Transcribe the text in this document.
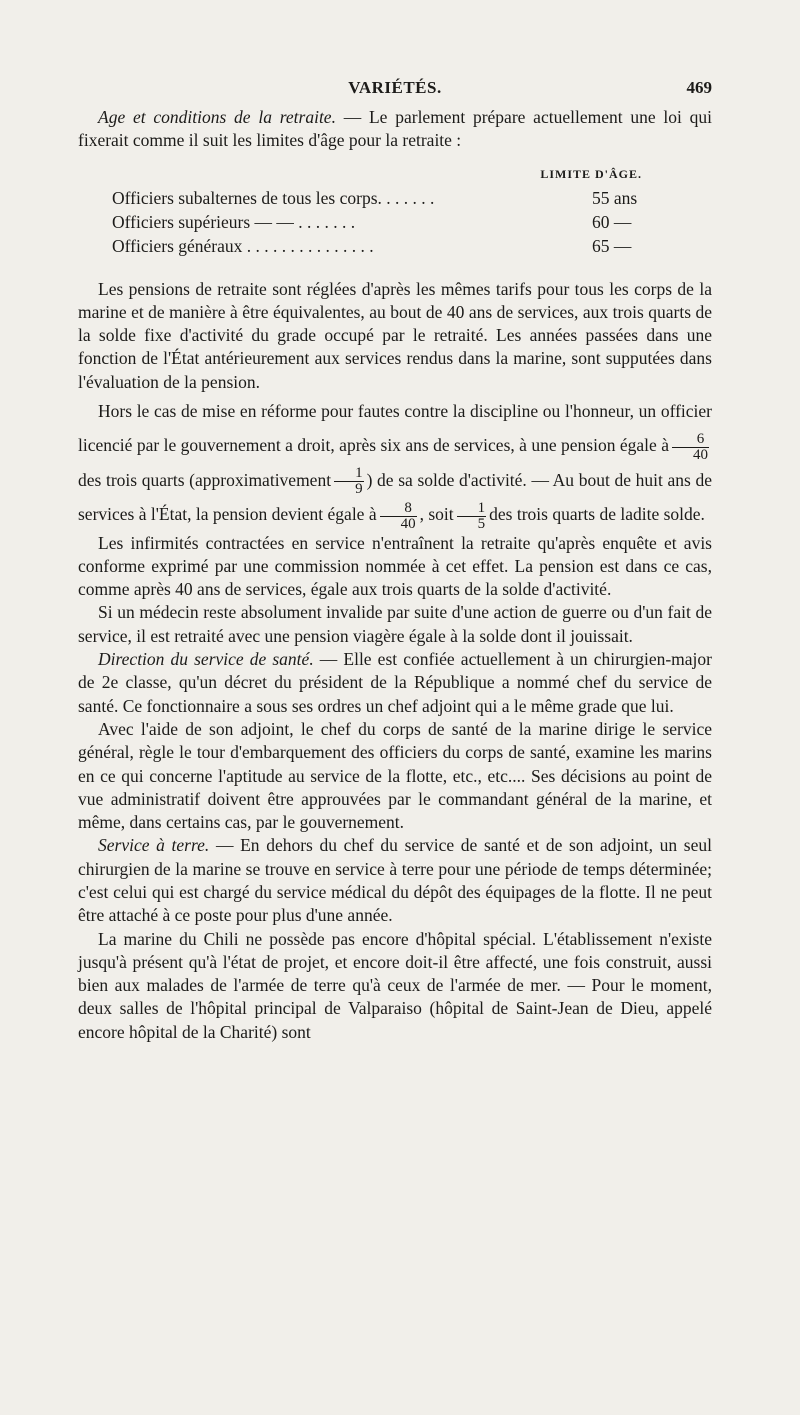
VARIÉTÉS.	469

Age et conditions de la retraite. — Le parlement prépare actuellement une loi qui fixerait comme il suit les limites d'âge pour la retraite :

LIMITE D'ÂGE.
Officiers subalternes de tous les corps. . . . . . .	55 ans
Officiers supérieurs — — . . . . . . .	60 —
Officiers généraux . . . . . . . . . . . . . . .	65 —

Les pensions de retraite sont réglées d'après les mêmes tarifs pour tous les corps de la marine et de manière à être équivalentes, au bout de 40 ans de services, aux trois quarts de la solde fixe d'activité du grade occupé par le retraité. Les années passées dans une fonction de l'État antérieurement aux services rendus dans la marine, sont supputées dans l'évaluation de la pension.

Hors le cas de mise en réforme pour fautes contre la discipline ou l'honneur, un officier licencié par le gouvernement a droit, après six ans de services, à une pension égale à $\frac{6}{40}$
des trois quarts (approximativement $\frac{1}{9}$ ) de sa solde d'activité. — Au bout de huit ans de services à l'État, la pension devient égale à $\frac{8}{40}$ , soit $\frac{1}{5}$ des trois quarts de ladite solde.

Les infirmités contractées en service n'entraînent la retraite qu'après enquête et avis conforme exprimé par une commission nommée à cet effet. La pension est dans ce cas, comme après 40 ans de services, égale aux trois quarts de la solde d'activité.

Si un médecin reste absolument invalide par suite d'une action de guerre ou d'un fait de service, il est retraité avec une pension viagère égale à la solde dont il jouissait.

Direction du service de santé. — Elle est confiée actuellement à un chirurgien-major de 2e classe, qu'un décret du président de la République a nommé chef du service de santé. Ce fonctionnaire a sous ses ordres un chef adjoint qui a le même grade que lui.

Avec l'aide de son adjoint, le chef du corps de santé de la marine dirige le service général, règle le tour d'embarquement des officiers du corps de santé, examine les marins en ce qui concerne l'aptitude au service de la flotte, etc., etc.... Ses décisions au point de vue administratif doivent être approuvées par le commandant général de la marine, et même, dans certains cas, par le gouvernement.

Service à terre. — En dehors du chef du service de santé et de son adjoint, un seul chirurgien de la marine se trouve en service à terre pour une période de temps déterminée; c'est celui qui est chargé du service médical du dépôt des équipages de la flotte. Il ne peut être attaché à ce poste pour plus d'une année.

La marine du Chili ne possède pas encore d'hôpital spécial. L'établissement n'existe jusqu'à présent qu'à l'état de projet, et encore doit-il être affecté, une fois construit, aussi bien aux malades de l'armée de terre qu'à ceux de l'armée de mer. — Pour le moment, deux salles de l'hôpital principal de Valparaiso (hôpital de Saint-Jean de Dieu, appelé encore hôpital de la Charité) sont
